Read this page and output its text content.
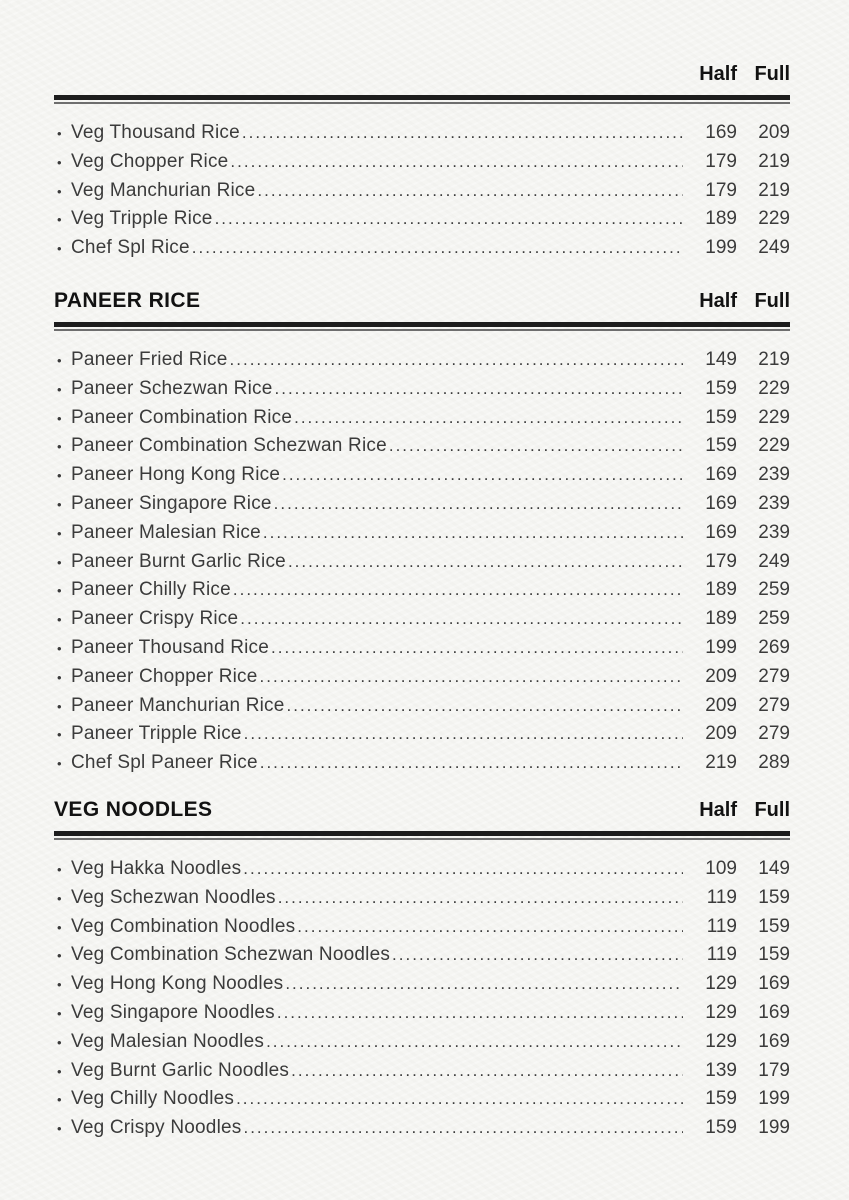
Half Full
•
Veg Thousand Rice .....	169	209
•
Veg Chopper Rice .....	179	219
•
Veg Manchurian Rice .....	179	219
•
Veg Tripple Rice .....	189	229
•
Chef Spl Rice .....	199	249
PANEER RICE	Half Full
•
Paneer Fried Rice .....	149	219
•
Paneer Schezwan Rice .....	159	229
•
Paneer Combination Rice .....	159	229
•
Paneer Combination Schezwan Rice .....	159	229
•
Paneer Hong Kong Rice .....	169	239
•
Paneer Singapore Rice .....	169	239
•
Paneer Malesian Rice .....	169	239
•
Paneer Burnt Garlic Rice .....	179	249
•
Paneer Chilly Rice .....	189	259
•
Paneer Crispy Rice .....	189	259
•
Paneer Thousand Rice .....	199	269
•
Paneer Chopper Rice .....	209	279
•
Paneer Manchurian Rice .....	209	279
•
Paneer Tripple Rice .....	209	279
•
Chef Spl Paneer Rice .....	219	289
VEG NOODLES	Half Full
•
Veg Hakka Noodles .....	109	149
•
Veg Schezwan Noodles .....	119	159
•
Veg Combination Noodles .....	119	159
•
Veg Combination Schezwan Noodles .....	119	159
•
Veg Hong Kong Noodles .....	129	169
•
Veg Singapore Noodles .....	129	169
•
Veg Malesian Noodles .....	129	169
•
Veg Burnt Garlic Noodles .....	139	179
•
Veg Chilly Noodles .....	159	199
•
Veg Crispy Noodles .....	159	199
